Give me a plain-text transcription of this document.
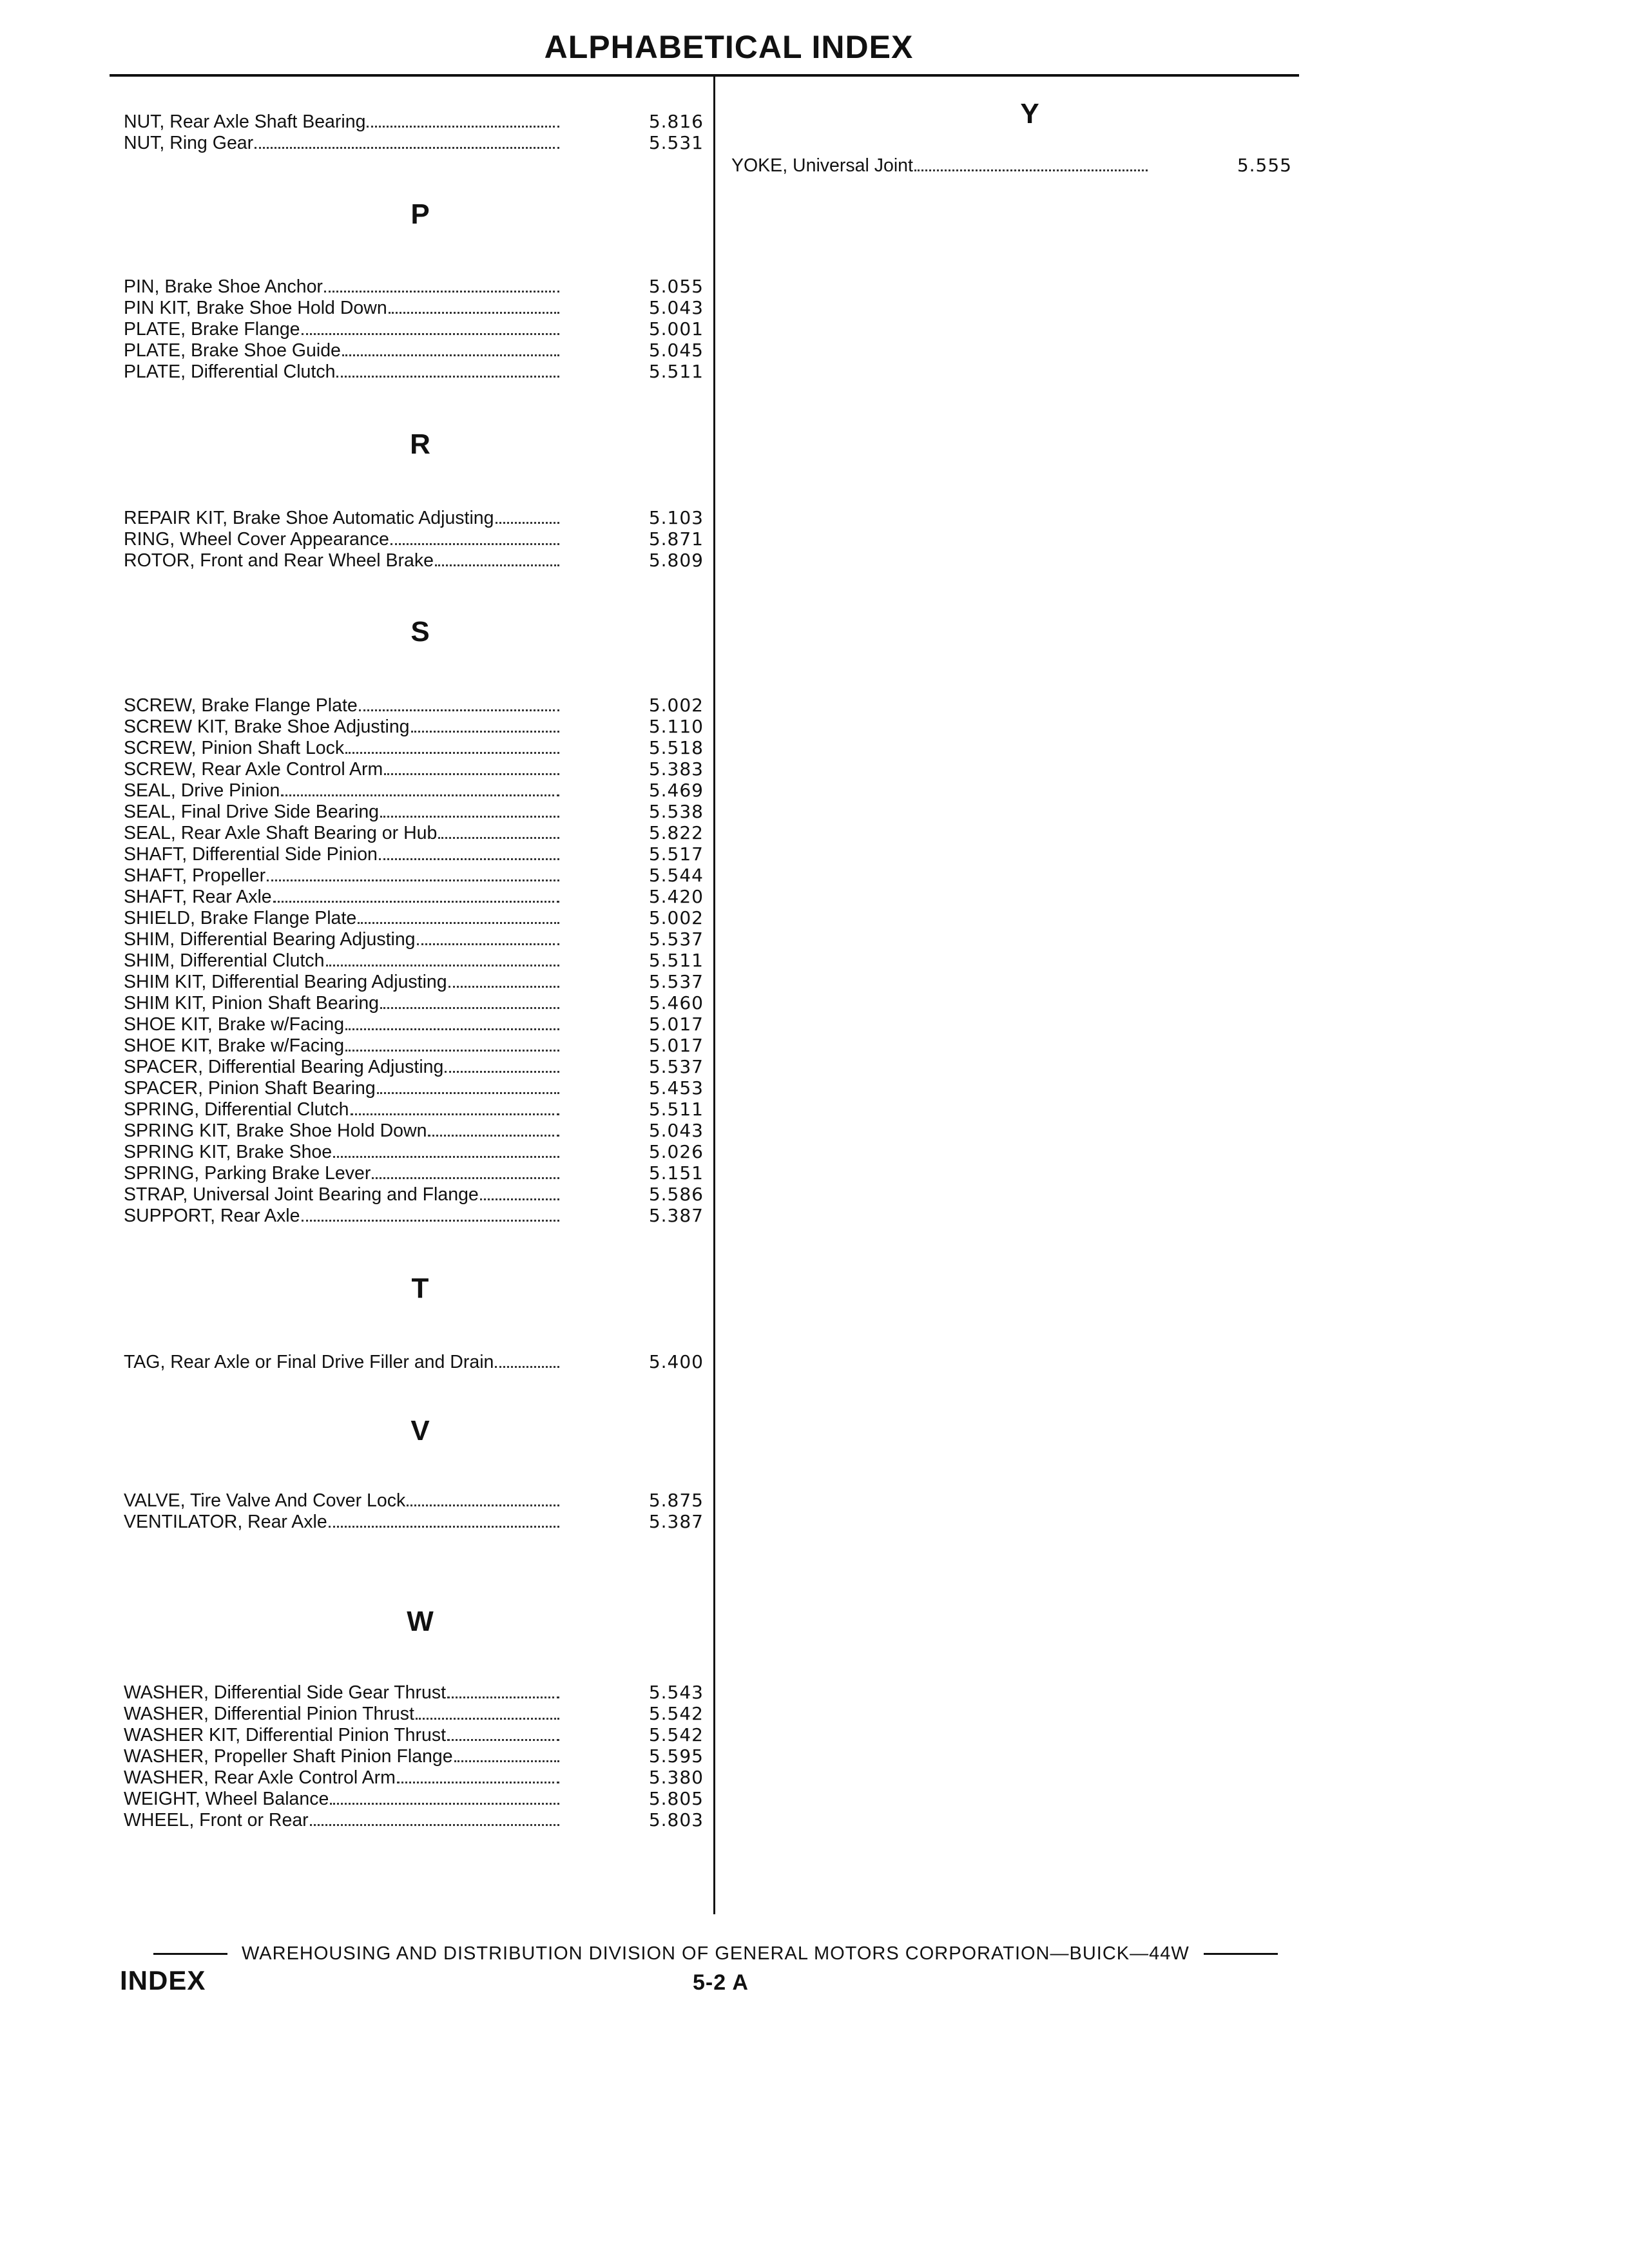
ALPHABETICAL INDEX
NUT, Rear Axle Shaft Bearing	5.816
NUT, Ring Gear	5.531
P
PIN, Brake Shoe Anchor	5.055
PIN KIT, Brake Shoe Hold Down	5.043
PLATE, Brake Flange	5.001
PLATE, Brake Shoe Guide	5.045
PLATE, Differential Clutch	5.511
R
REPAIR KIT, Brake Shoe Automatic Adjusting	5.103
RING, Wheel Cover Appearance	5.871
ROTOR, Front and Rear Wheel Brake	5.809
S
SCREW, Brake Flange Plate	5.002
SCREW KIT, Brake Shoe Adjusting	5.110
SCREW, Pinion Shaft Lock	5.518
SCREW, Rear Axle Control Arm	5.383
SEAL, Drive Pinion	5.469
SEAL, Final Drive Side Bearing	5.538
SEAL, Rear Axle Shaft Bearing or Hub	5.822
SHAFT, Differential Side Pinion	5.517
SHAFT, Propeller	5.544
SHAFT, Rear Axle	5.420
SHIELD, Brake Flange Plate	5.002
SHIM, Differential Bearing Adjusting	5.537
SHIM, Differential Clutch	5.511
SHIM KIT, Differential Bearing Adjusting	5.537
SHIM KIT, Pinion Shaft Bearing	5.460
SHOE KIT, Brake w/Facing	5.017
SHOE KIT, Brake w/Facing	5.017
SPACER, Differential Bearing Adjusting	5.537
SPACER, Pinion Shaft Bearing	5.453
SPRING, Differential Clutch	5.511
SPRING KIT, Brake Shoe Hold Down	5.043
SPRING KIT, Brake Shoe	5.026
SPRING, Parking Brake Lever	5.151
STRAP, Universal Joint Bearing and Flange	5.586
SUPPORT, Rear Axle	5.387
T
TAG, Rear Axle or Final Drive Filler and Drain	5.400
V
VALVE, Tire Valve And Cover Lock	5.875
VENTILATOR, Rear Axle	5.387
W
WASHER, Differential Side Gear Thrust	5.543
WASHER, Differential Pinion Thrust	5.542
WASHER KIT, Differential Pinion Thrust	5.542
WASHER, Propeller Shaft Pinion Flange	5.595
WASHER, Rear Axle Control Arm	5.380
WEIGHT, Wheel Balance	5.805
WHEEL, Front or Rear	5.803
Y
YOKE, Universal Joint	5.555
WAREHOUSING AND DISTRIBUTION DIVISION OF GENERAL MOTORS CORPORATION—BUICK—44W
INDEX	5-2 A
